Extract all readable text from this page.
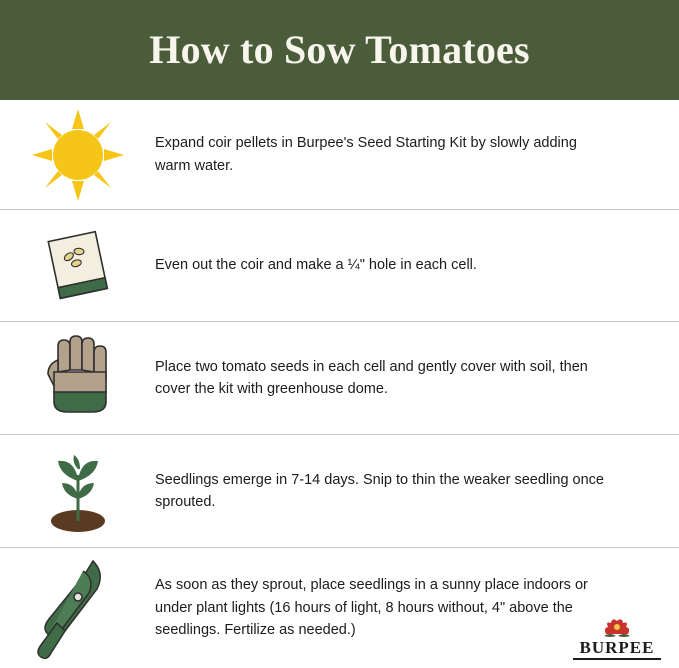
How to Sow Tomatoes

Expand coir pellets in Burpee's Seed Starting Kit by slowly adding warm water.

Even out the coir and make a ¼" hole in each cell.

Place two tomato seeds in each cell and gently cover with soil, then cover the kit with greenhouse dome.

Seedlings emerge in 7-14 days. Snip to thin the weaker seedling once sprouted.

As soon as they sprout, place seedlings in a sunny place indoors or under plant lights (16 hours of light, 8 hours without, 4" above the seedlings. Fertilize as needed.)

BURPEE
